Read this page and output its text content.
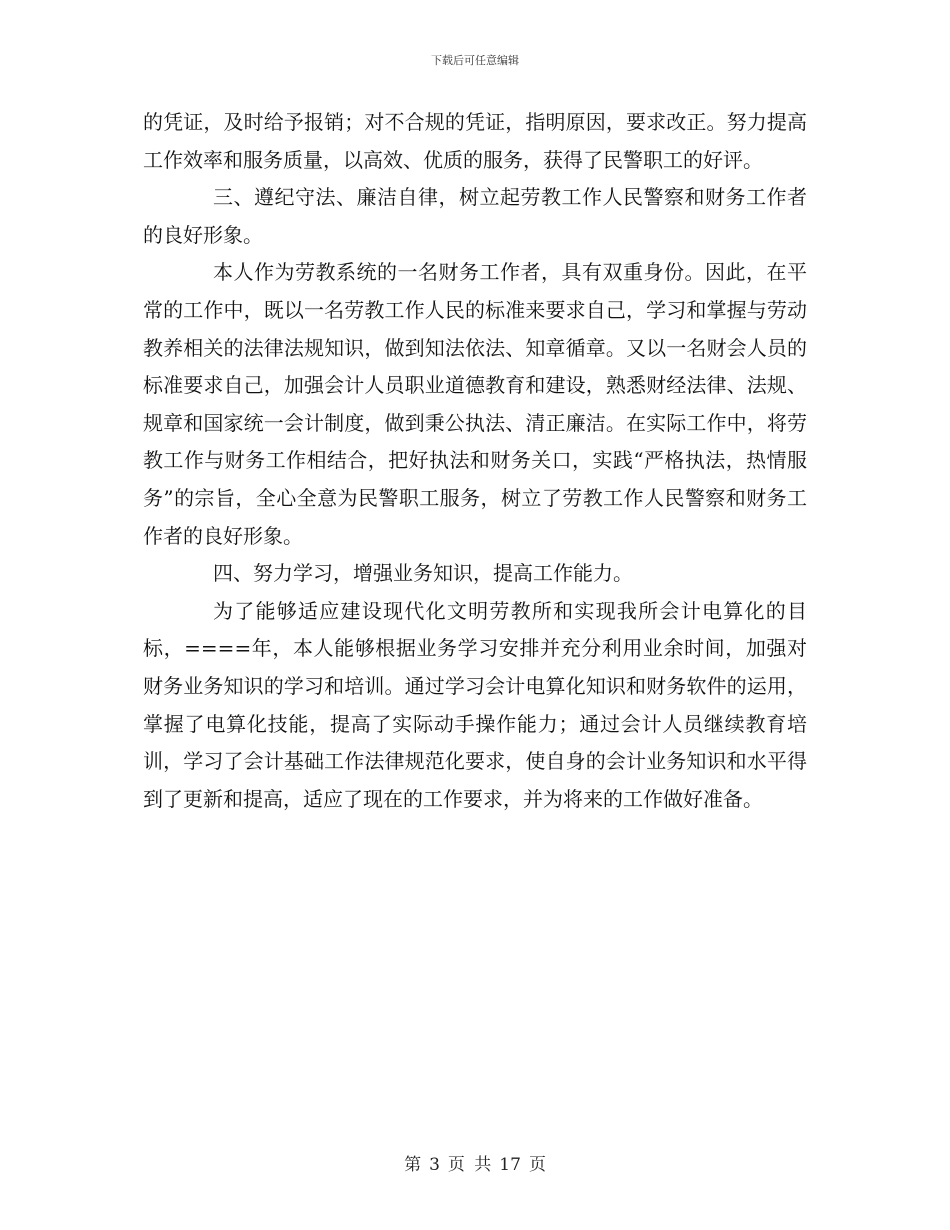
下载后可任意编辑

的凭证，及时给予报销；对不合规的凭证，指明原因，要求改正。努力提高工作效率和服务质量，以高效、优质的服务，获得了民警职工的好评。

三、遵纪守法、廉洁自律，树立起劳教工作人民警察和财务工作者的良好形象。

本人作为劳教系统的一名财务工作者，具有双重身份。因此，在平常的工作中，既以一名劳教工作人民的标准来要求自己，学习和掌握与劳动教养相关的法律法规知识，做到知法依法、知章循章。又以一名财会人员的标准要求自己，加强会计人员职业道德教育和建设，熟悉财经法律、法规、规章和国家统一会计制度，做到秉公执法、清正廉洁。在实际工作中，将劳教工作与财务工作相结合，把好执法和财务关口，实践“严格执法，热情服务”的宗旨，全心全意为民警职工服务，树立了劳教工作人民警察和财务工作者的良好形象。

四、努力学习，增强业务知识，提高工作能力。

为了能够适应建设现代化文明劳教所和实现我所会计电算化的目标，====年，本人能够根据业务学习安排并充分利用业余时间，加强对财务业务知识的学习和培训。通过学习会计电算化知识和财务软件的运用，掌握了电算化技能，提高了实际动手操作能力；通过会计人员继续教育培训，学习了会计基础工作法律规范化要求，使自身的会计业务知识和水平得到了更新和提高，适应了现在的工作要求，并为将来的工作做好准备。

第 3 页 共 17 页
